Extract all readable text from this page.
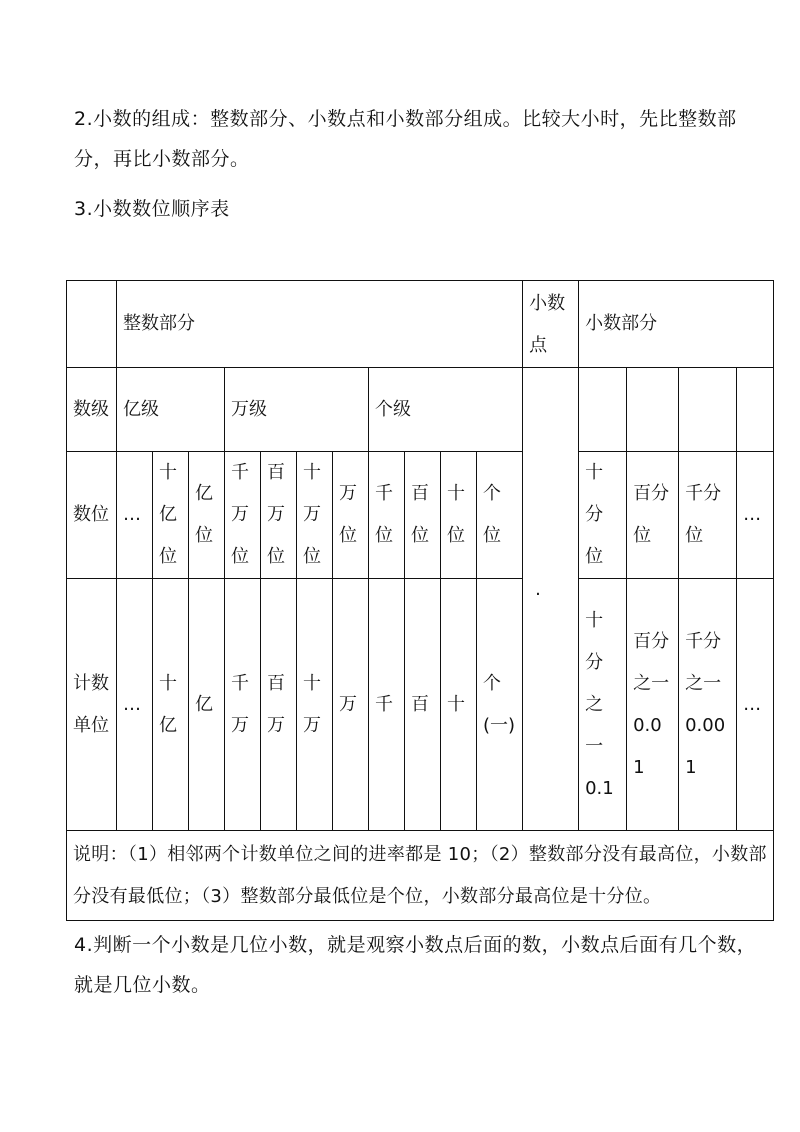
2.小数的组成：整数部分、小数点和小数部分组成。比较大小时，先比整数部分，再比小数部分。

3.小数数位顺序表

	整数部分											小数点	小数部分			
数级	亿级			万级				个级				·				

数位	…	十亿位	亿位	千万位	百万位	十万位	万位	千位	百位	十位	个位		十分位	百分位	千分位	…
计数单位	…	十亿	亿	千万	百万	十万	万	千	百	十	个(一)		十分之一0.1	百分之一0.01	千分之一0.001	…
说明：（1）相邻两个计数单位之间的进率都是 10；（2）整数部分没有最高位，小数部分没有最低位；（3）整数部分最低位是个位，小数部分最高位是十分位。																

4.判断一个小数是几位小数，就是观察小数点后面的数，小数点后面有几个数，就是几位小数。
